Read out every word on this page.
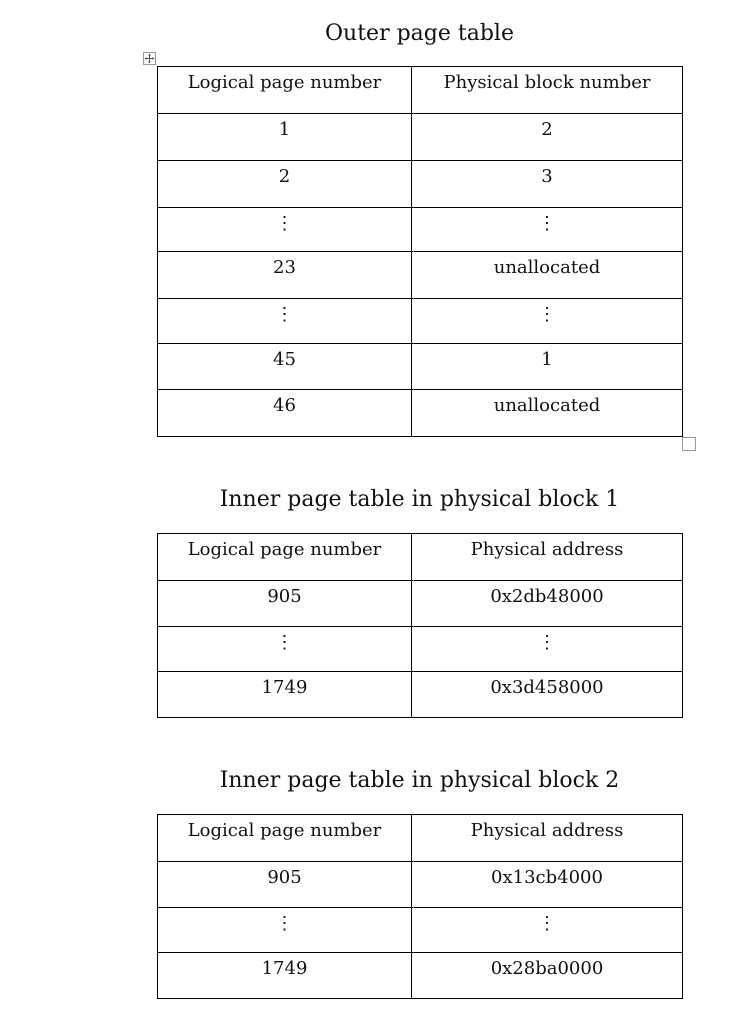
Outer page table
Logical page number	Physical block number
1	2
2	3
⋮	⋮
23	unallocated
⋮	⋮
45	1
46	unallocated
Inner page table in physical block 1
Logical page number	Physical address
905	0x2db48000
⋮	⋮
1749	0x3d458000
Inner page table in physical block 2
Logical page number	Physical address
905	0x13cb4000
⋮	⋮
1749	0x28ba0000
